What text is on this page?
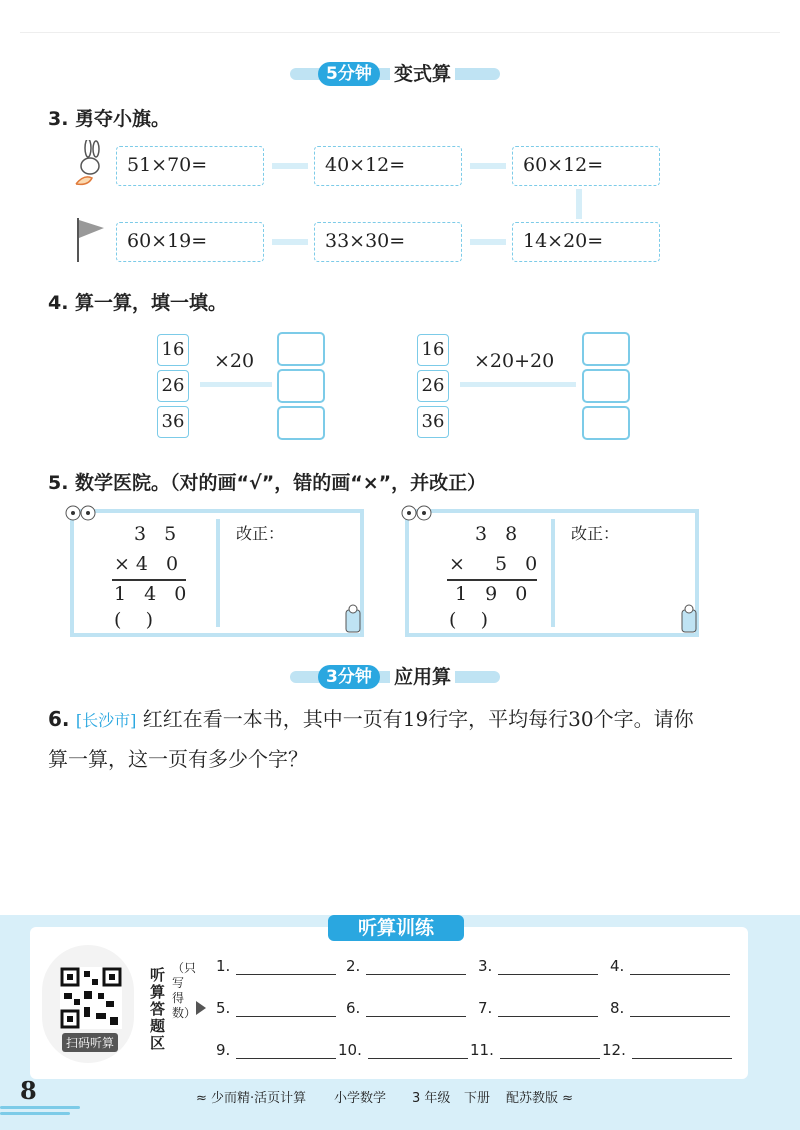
5分钟	变式算
3. 勇夺小旗。
51×70=	40×12=	60×12=
60×19=	33×30=	14×20=
4. 算一算，填一填。
16
26
36
×20
16
26
36
×20+20
5. 数学医院。（对的画“√”，错的画“×”，并改正）
3 5
×4 0
1 4 0
(    )
改正：	3 8
×  5 0
1 9 0
(    )
改正：
3分钟	应用算
6. [长沙市] 红红在看一本书，其中一页有19行字，平均每行30个字。请你
算一算，这一页有多少个字？
扫码听算
听算答题区
（只写得数）
1.	2.	3.	4.
5.	6.	7.	8.
9.	10.	11.	12.
听算训练
8	≈ 少而精·活页计算 小学数学 3 年级 下册 配苏教版 ≈
